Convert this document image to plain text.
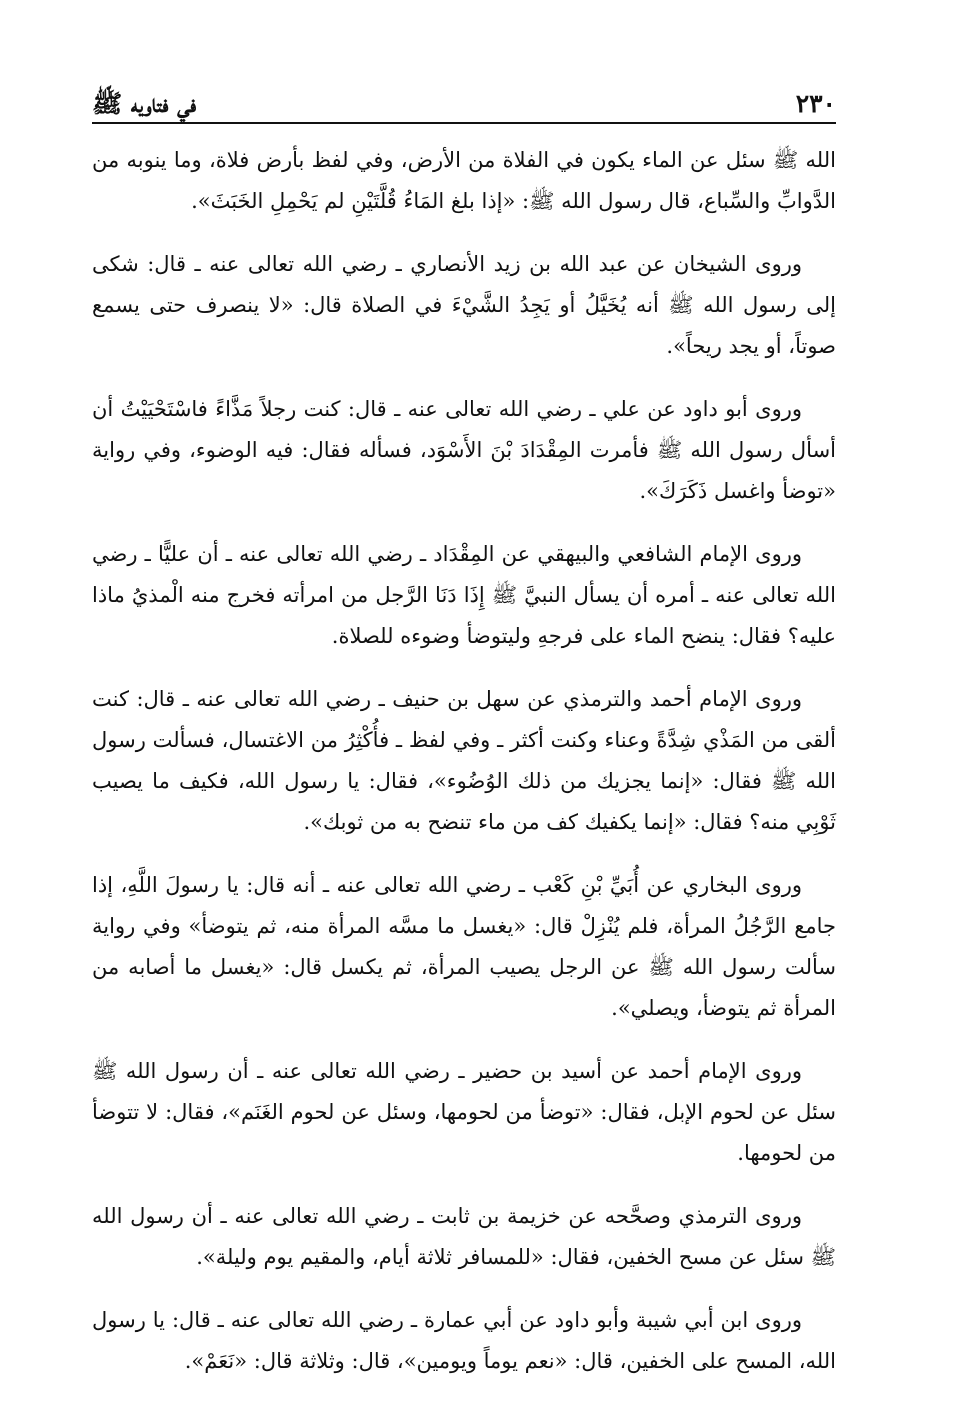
٢٣٠
في فتاويه ﷺ

الله ﷺ سئل عن الماء يكون في الفلاة من الأرض، وفي لفظ بأرض فلاة، وما ينوبه من الدَّوابِّ والسِّباع، قال رسول الله ﷺ: «إذا بلغ المَاءُ قُلَّتَيْنِ لم يَحْمِلِ الخَبَثَ».

وروى الشيخان عن عبد الله بن زيد الأنصاري ـ رضي الله تعالى عنه ـ قال: شكى إلى رسول الله ﷺ أنه يُخَيَّلُ أو يَجِدُ الشَّيْءَ في الصلاة قال: «لا ينصرف حتى يسمع صوتاً، أو يجد ريحاً».

وروى أبو داود عن علي ـ رضي الله تعالى عنه ـ قال: كنت رجلاً مَذَّاءً فاسْتَحْيَيْتُ أن أسأل رسول الله ﷺ فأمرت المِقْدَادَ بْنَ الأَسْوَد، فسأله فقال: فيه الوضوء، وفي رواية «توضأ واغسل ذَكَرَكَ».

وروى الإمام الشافعي والبيهقي عن المِقْدَاد ـ رضي الله تعالى عنه ـ أن عليًّا ـ رضي الله تعالى عنه ـ أمره أن يسأل النبيَّ ﷺ إِذَا دَنَا الرَّجل من امرأته فخرج منه الْمذيُ ماذا عليه؟ فقال: ينضح الماء على فرجهِ وليتوضأ وضوءه للصلاة.

وروى الإمام أحمد والترمذي عن سهل بن حنيف ـ رضي الله تعالى عنه ـ قال: كنت ألقى من المَذْي شِدَّةً وعناء وكنت أكثر ـ وفي لفظ ـ فأُكْثِرُ من الاغتسال، فسألت رسول الله ﷺ فقال: «إنما يجزيك من ذلك الوُضُوء»، فقال: يا رسول الله، فكيف ما يصيب ثَوْبِي منه؟ فقال: «إنما يكفيك كف من ماء تنضح به من ثوبك».

وروى البخاري عن أُبَيِّ بْنِ كَعْب ـ رضي الله تعالى عنه ـ أنه قال: يا رسولَ اللَّهِ، إذا جامع الرَّجُلُ المرأة، فلم يُنْزِلْ قال: «يغسل ما مسَّه المرأة منه، ثم يتوضأ» وفي رواية سألت رسول الله ﷺ عن الرجل يصيب المرأة، ثم يكسل قال: «يغسل ما أصابه من المرأة ثم يتوضأ، ويصلي».

وروى الإمام أحمد عن أسيد بن حضير ـ رضي الله تعالى عنه ـ أن رسول الله ﷺ سئل عن لحوم الإبل، فقال: «توضأ من لحومها، وسئل عن لحوم الغَنَم»، فقال: لا تتوضأ من لحومها.

وروى الترمذي وصحَّحه عن خزيمة بن ثابت ـ رضي الله تعالى عنه ـ أن رسول الله ﷺ سئل عن مسح الخفين، فقال: «للمسافر ثلاثة أيام، والمقيم يوم وليلة».

وروى ابن أبي شيبة وأبو داود عن أبي عمارة ـ رضي الله تعالى عنه ـ قال: يا رسول الله، المسح على الخفين، قال: «نعم يوماً ويومين»، قال: وثلاثة قال: «نَعَمْ».
